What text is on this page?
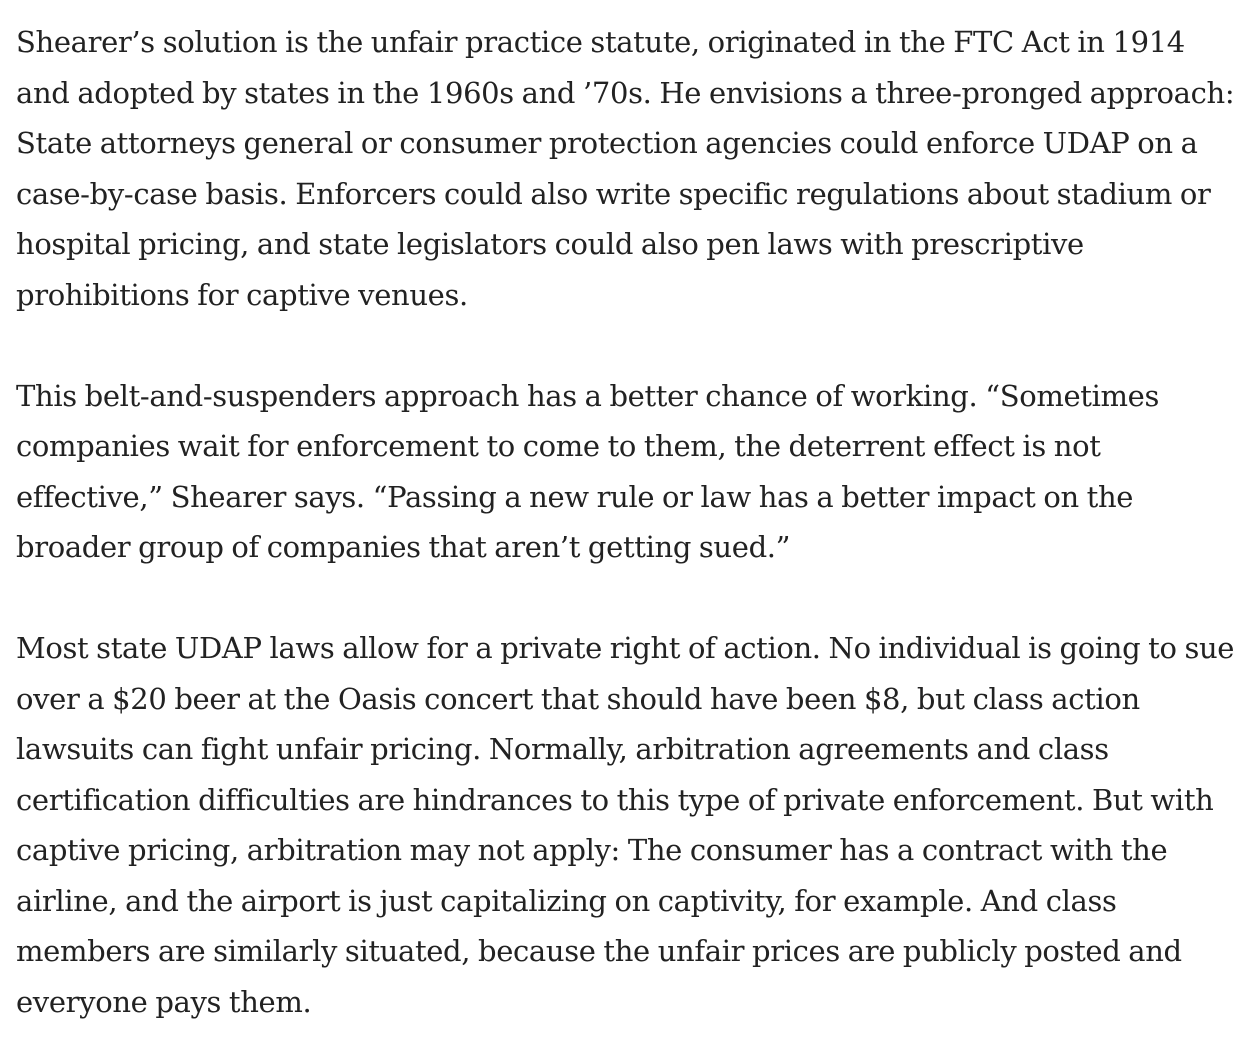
Shearer’s solution is the unfair practice statute, originated in the FTC Act in 1914 and adopted by states in the 1960s and ’70s. He envisions a three-pronged approach: State attorneys general or consumer protection agencies could enforce UDAP on a case-by-case basis. Enforcers could also write specific regulations about stadium or hospital pricing, and state legislators could also pen laws with prescriptive prohibitions for captive venues.

This belt-and-suspenders approach has a better chance of working. “Sometimes companies wait for enforcement to come to them, the deterrent effect is not effective,” Shearer says. “Passing a new rule or law has a better impact on the broader group of companies that aren’t getting sued.”

Most state UDAP laws allow for a private right of action. No individual is going to sue over a $20 beer at the Oasis concert that should have been $8, but class action lawsuits can fight unfair pricing. Normally, arbitration agreements and class certification difficulties are hindrances to this type of private enforcement. But with captive pricing, arbitration may not apply: The consumer has a contract with the airline, and the airport is just capitalizing on captivity, for example. And class members are similarly situated, because the unfair prices are publicly posted and everyone pays them.
